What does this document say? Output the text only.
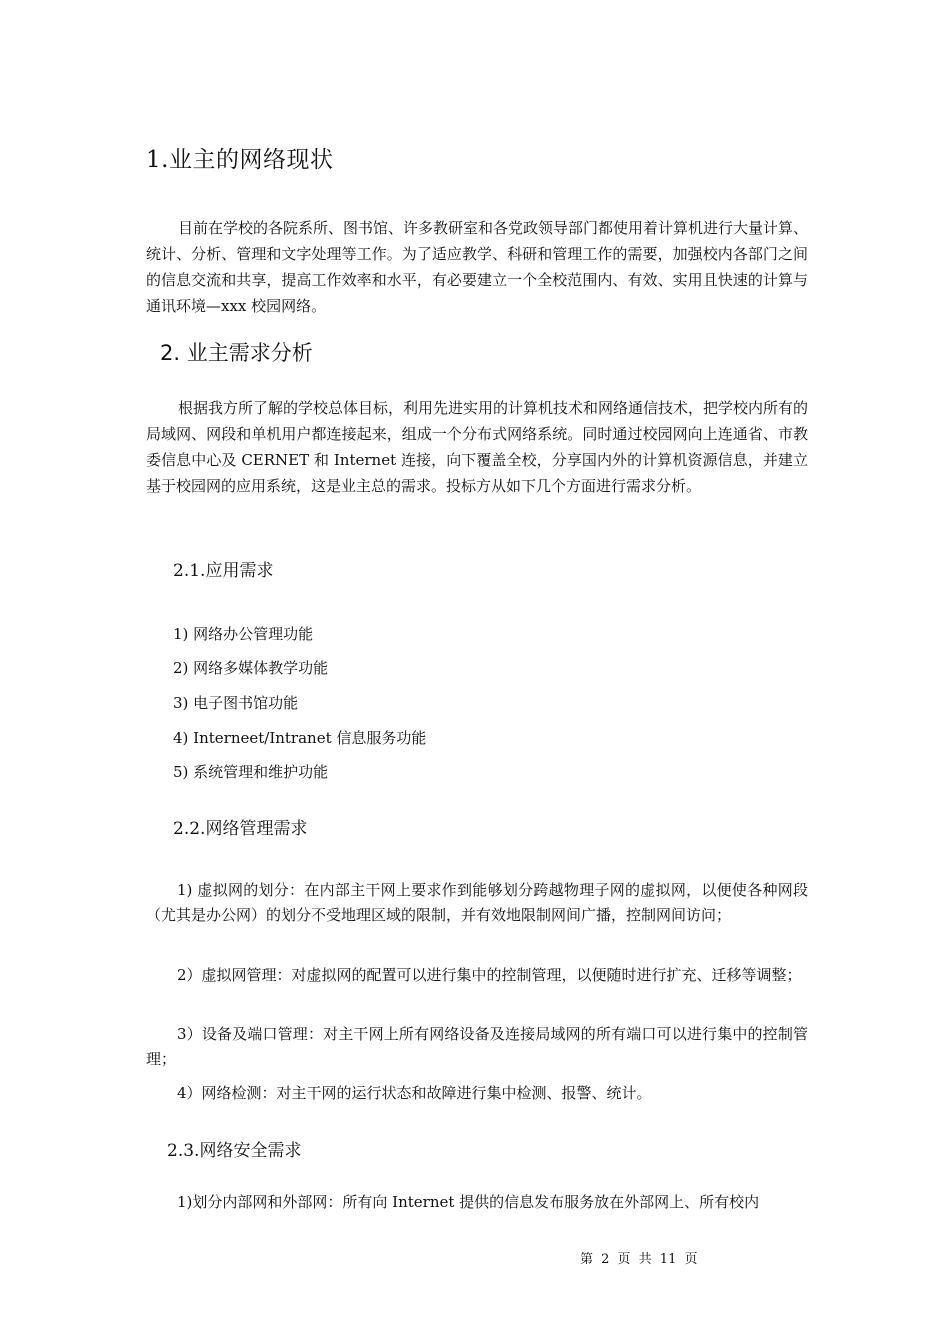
1.业主的网络现状

目前在学校的各院系所、图书馆、许多教研室和各党政领导部门都使用着计算机进行大量计算、统计、分析、管理和文字处理等工作。为了适应教学、科研和管理工作的需要，加强校内各部门之间的信息交流和共享，提高工作效率和水平，有必要建立一个全校范围内、有效、实用且快速的计算与通讯环境—xxx 校园网络。

2. 业主需求分析

根据我方所了解的学校总体目标，利用先进实用的计算机技术和网络通信技术，把学校内所有的局域网、网段和单机用户都连接起来，组成一个分布式网络系统。同时通过校园网向上连通省、市教委信息中心及 CERNET 和 Internet 连接，向下覆盖全校，分享国内外的计算机资源信息，并建立基于校园网的应用系统，这是业主总的需求。投标方从如下几个方面进行需求分析。

2.1.应用需求
1) 网络办公管理功能
2) 网络多媒体教学功能
3) 电子图书馆功能
4) Interneet/Intranet 信息服务功能
5) 系统管理和维护功能
2.2.网络管理需求

1) 虚拟网的划分：在内部主干网上要求作到能够划分跨越物理子网的虚拟网，以便使各种网段（尤其是办公网）的划分不受地理区域的限制，并有效地限制网间广播，控制网间访问；

2）虚拟网管理：对虚拟网的配置可以进行集中的控制管理，以便随时进行扩充、迁移等调整；

3）设备及端口管理：对主干网上所有网络设备及连接局域网的所有端口可以进行集中的控制管理；

4）网络检测：对主干网的运行状态和故障进行集中检测、报警、统计。

2.3.网络安全需求

1)划分内部网和外部网：所有向 Internet 提供的信息发布服务放在外部网上、所有校内

第 2 页 共 11 页
